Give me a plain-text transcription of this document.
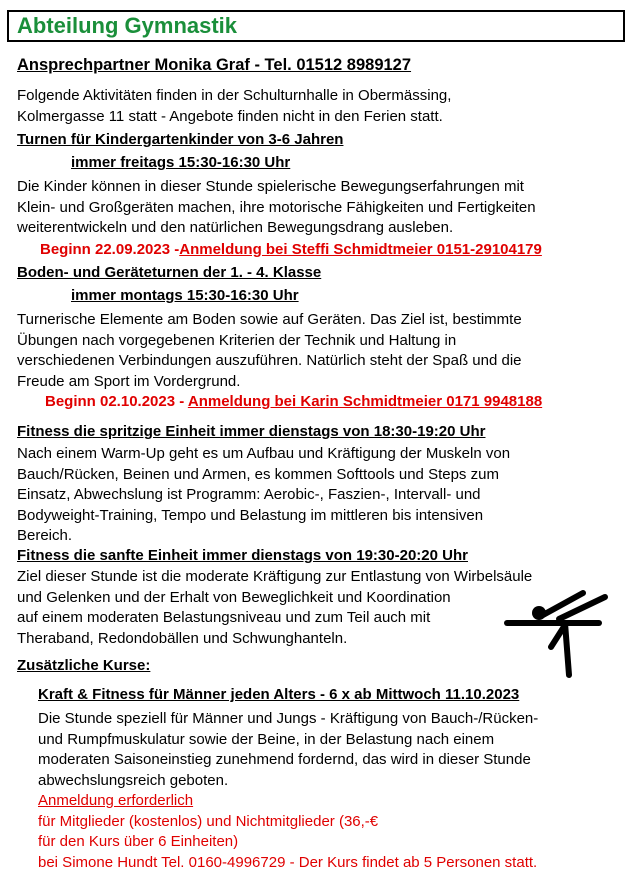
Abteilung Gymnastik
Ansprechpartner Monika Graf - Tel. 01512 8989127
Folgende Aktivitäten finden in der Schulturnhalle in Obermässing,
Kolmergasse 11 statt - Angebote finden nicht in den Ferien statt.
Turnen für Kindergartenkinder von 3-6 Jahren
immer freitags 15:30-16:30 Uhr
Die Kinder können in dieser Stunde spielerische Bewegungserfahrungen mit
Klein- und Großgeräten machen, ihre motorische Fähigkeiten und Fertigkeiten
weiterentwickeln und den natürlichen Bewegungsdrang ausleben.
Beginn 22.09.2023 -Anmeldung bei Steffi Schmidtmeier 0151-29104179
Boden- und Geräteturnen der 1. - 4. Klasse
immer montags 15:30-16:30 Uhr
Turnerische Elemente am Boden sowie auf Geräten. Das Ziel ist, bestimmte
Übungen nach vorgegebenen Kriterien der Technik und Haltung in
verschiedenen Verbindungen auszuführen. Natürlich steht der Spaß und die
Freude am Sport im Vordergrund.
Beginn 02.10.2023 - Anmeldung bei Karin Schmidtmeier 0171 9948188
Fitness die spritzige Einheit immer dienstags von 18:30-19:20 Uhr
Nach einem Warm-Up geht es um Aufbau und Kräftigung der Muskeln von
Bauch/Rücken, Beinen und Armen, es kommen Softtools und Steps zum
Einsatz, Abwechslung ist Programm: Aerobic-, Faszien-, Intervall- und
Bodyweight-Training, Tempo und Belastung im mittleren bis intensiven
Bereich.
Fitness die sanfte Einheit immer dienstags von 19:30-20:20 Uhr
Ziel dieser Stunde ist die moderate Kräftigung zur Entlastung von Wirbelsäule
und Gelenken und der Erhalt von Beweglichkeit und Koordination
auf einem moderaten Belastungsniveau und zum Teil auch mit
Theraband, Redondobällen und Schwunghanteln.
Zusätzliche Kurse:
Kraft & Fitness für Männer jeden Alters - 6 x ab Mittwoch 11.10.2023
Die Stunde speziell für Männer und Jungs - Kräftigung von Bauch-/Rücken-
und Rumpfmuskulatur sowie der Beine, in der Belastung nach einem
moderaten Saisoneinstieg zunehmend fordernd, das wird in dieser Stunde
abwechslungsreich geboten.
Anmeldung erforderlich
für Mitglieder (kostenlos) und Nichtmitglieder (36,-€
für den Kurs über 6 Einheiten)
bei Simone Hundt Tel. 0160-4996729 - Der Kurs findet ab 5 Personen statt.
